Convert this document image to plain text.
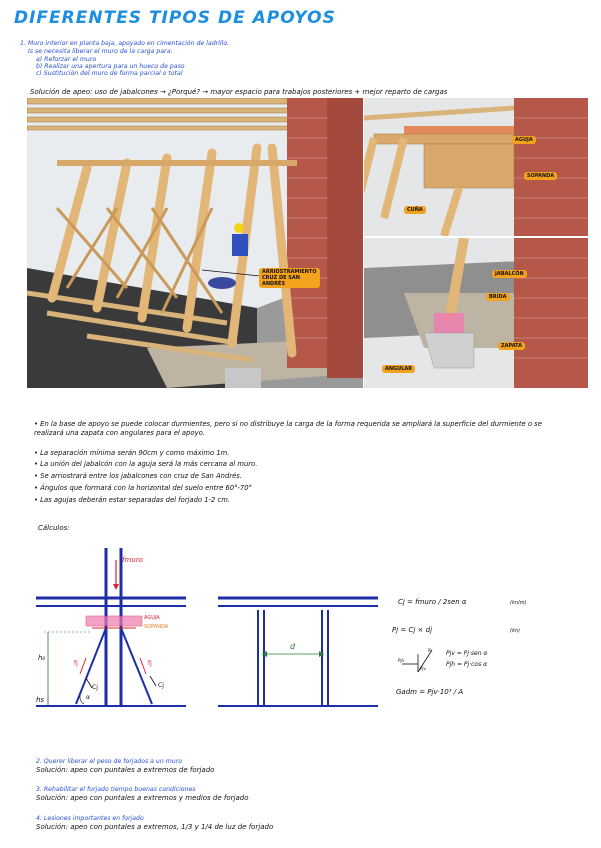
DIFERENTES TIPOS DE APOYOS
1. Muro interior en planta baja, apoyado en cimentación de ladrillo.
Is se necesita liberar el muro de la carga para:
a) Reforzar el muro
b) Realizar una apertura para un hueco de paso
c) Sustitución del muro de forma parcial o total
Solución de apeo: uso de jabalcones → ¿Porqué? → mayor espacio para trabajos posteriores + mejor reparto de cargas
ARRIOSTRAMIENTO
CRUZ DE SAN
ANDRÉS
AGUJA
SOPANDA
CUÑA
JABALCÓN
BRIDA
ZAPATA
ANGULAR
• En la base de apoyo se puede colocar durmientes, pero si no distribuye la carga de la forma requerida se ampliará la superficie del durmiente o se realizará una zapata con angulares para el apoyo.
• La separación mínima serán 90cm y como máximo 1m.
• La unión del jabalcón con la aguja será la más cercana al muro.
• Se arriostrará entre los jabalcones con cruz de San Andrés.
• Ángulos que formará con la horizontal del suelo entre 60°-70°
• Las agujas deberán estar separadas del forjado 1-2 cm.
Cálculos:
fmuro
AGUJA
SOPANDA
h₀
hs
fj	fj
Cj	Cj
α
d
Cj = fmuro / 2sen α	(kn/m)
Pj = Cj × dj	(kn)
Pj
Pjh
Pjv
Pjv = Pj·sen α
Pjh = Pj·cos α
Gadm = Pjv·10³ / A
2. Querer liberar el peso de forjados a un muro
Solución: apeo con puntales a extremos de forjado
3. Rehabilitar el forjado tiempo buenas condiciones
Solución: apeo con puntales a extremos y medios de forjado
4. Lesiones importantes en forjado
Solución: apeo con puntales a extremos, 1/3 y 1/4 de luz de forjado
